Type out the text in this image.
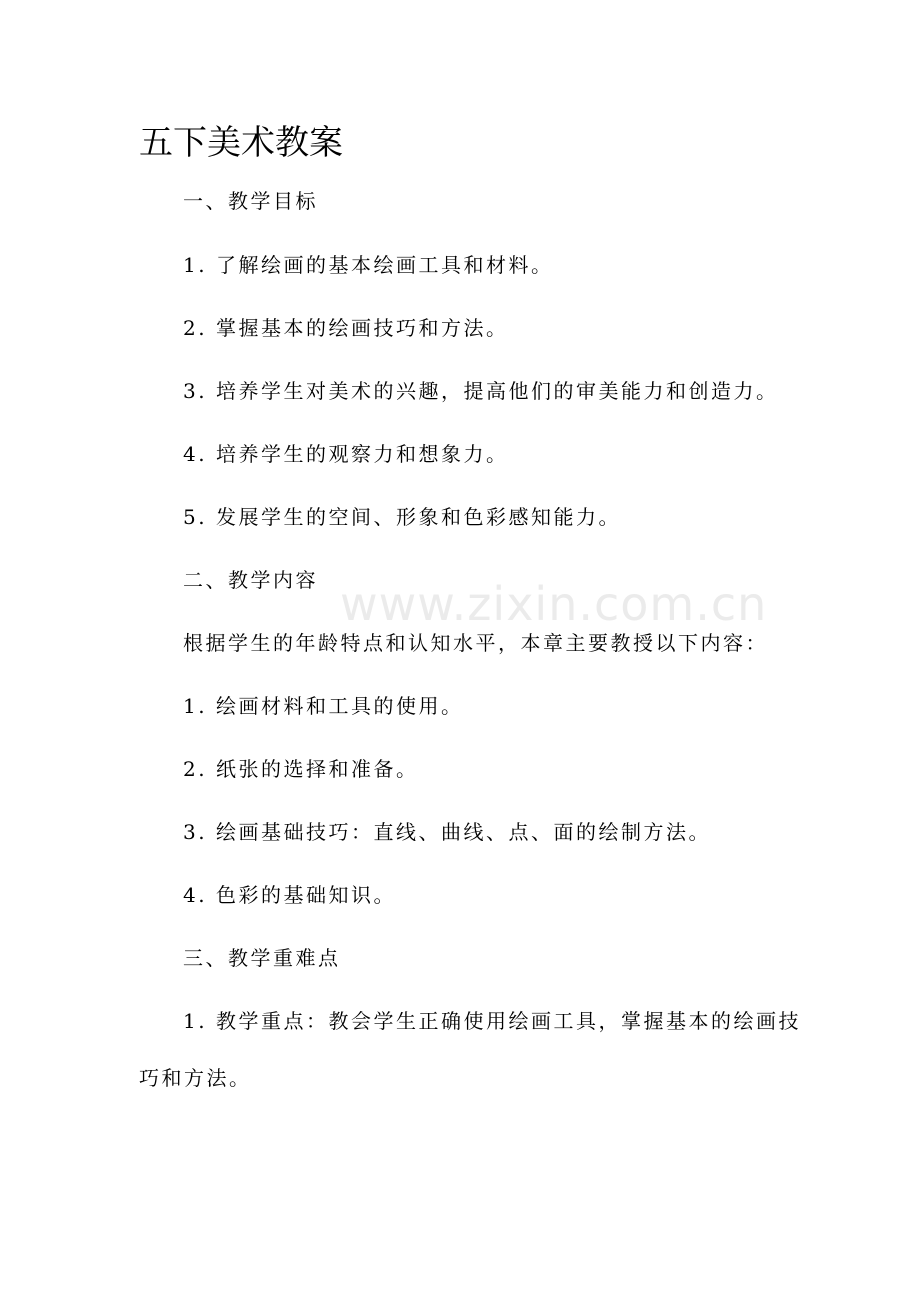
www.zixin.com.cn
五下美术教案

一、教学目标

1. 了解绘画的基本绘画工具和材料。

2. 掌握基本的绘画技巧和方法。

3. 培养学生对美术的兴趣，提高他们的审美能力和创造力。

4. 培养学生的观察力和想象力。

5. 发展学生的空间、形象和色彩感知能力。

二、教学内容

根据学生的年龄特点和认知水平，本章主要教授以下内容：

1. 绘画材料和工具的使用。

2. 纸张的选择和准备。

3. 绘画基础技巧：直线、曲线、点、面的绘制方法。

4. 色彩的基础知识。

三、教学重难点

1. 教学重点：教会学生正确使用绘画工具，掌握基本的绘画技

巧和方法。
